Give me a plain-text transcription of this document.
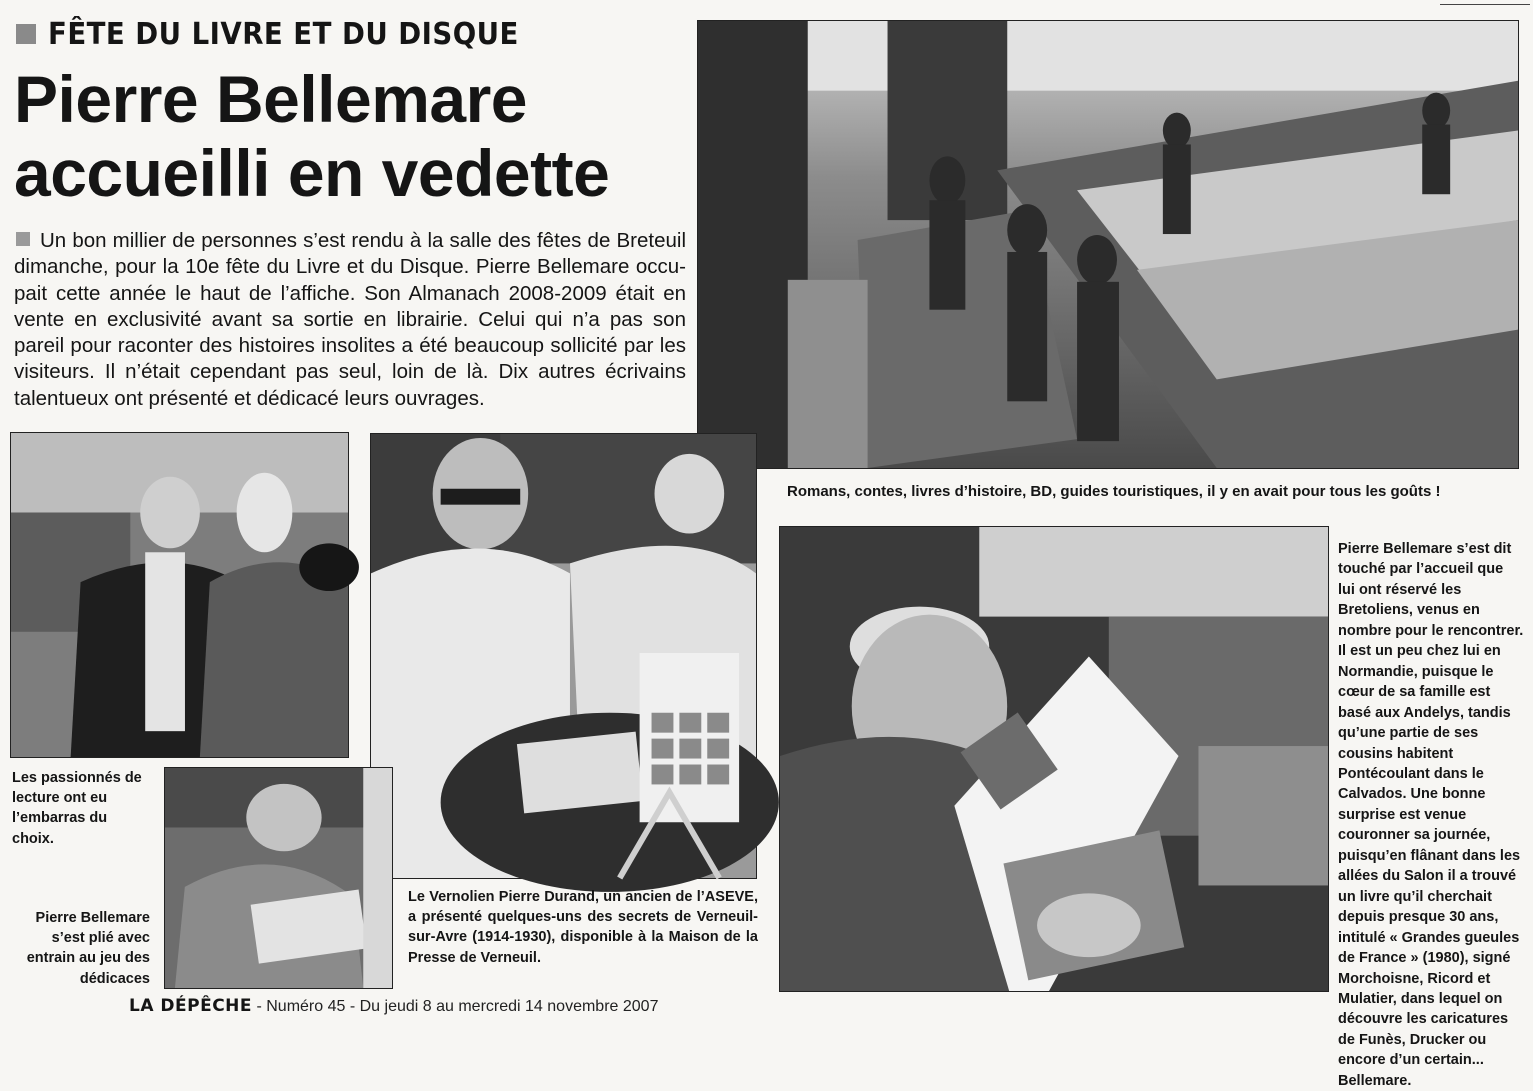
FÊTE DU LIVRE ET DU DISQUE
Pierre Bellemare
accueilli en vedette

Un bon millier de personnes s’est rendu à la salle des fêtes de Breteuil dimanche, pour la 10e fête du Livre et du Disque. Pierre Bellemare occu-pait cette année le haut de l’affiche. Son Almanach 2008-2009 était en vente en exclusivité avant sa sortie en librairie. Celui qui n’a pas son pareil pour raconter des histoires insolites a été beaucoup sollicité par les visiteurs. Il n’était cependant pas seul, loin de là. Dix autres écrivains talentueux ont présenté et dédicacé leurs ouvrages.

Romans, contes, livres d’histoire, BD, guides touristiques, il y en avait pour tous les goûts !
Les passionnés de lecture ont eu l’embarras du choix.
Le Vernolien Pierre Durand, un ancien de l’ASEVE, a présenté quelques-uns des secrets de Verneuil-sur-Avre (1914-1930), disponible à la Maison de la Presse de Verneuil.
Pierre Bellemare s’est plié avec entrain au jeu des dédicaces
Pierre Bellemare s’est dit touché par l’accueil que lui ont réservé les Bretoliens, venus en nombre pour le rencontrer. Il est un peu chez lui en Normandie, puisque le cœur de sa famille est basé aux Andelys, tandis qu’une partie de ses cousins habitent Pontécoulant dans le Calvados. Une bonne surprise est venue couronner sa journée, puisqu’en flânant dans les allées du Salon il a trouvé un livre qu’il cherchait depuis presque 30 ans, intitulé « Grandes gueules de France » (1980), signé Morchoisne, Ricord et Mulatier, dans lequel on découvre les caricatures de Funès, Drucker ou encore d’un certain... Bellemare.
LA DÉPÊCHE - Numéro 45 - Du jeudi 8 au mercredi 14 novembre 2007
